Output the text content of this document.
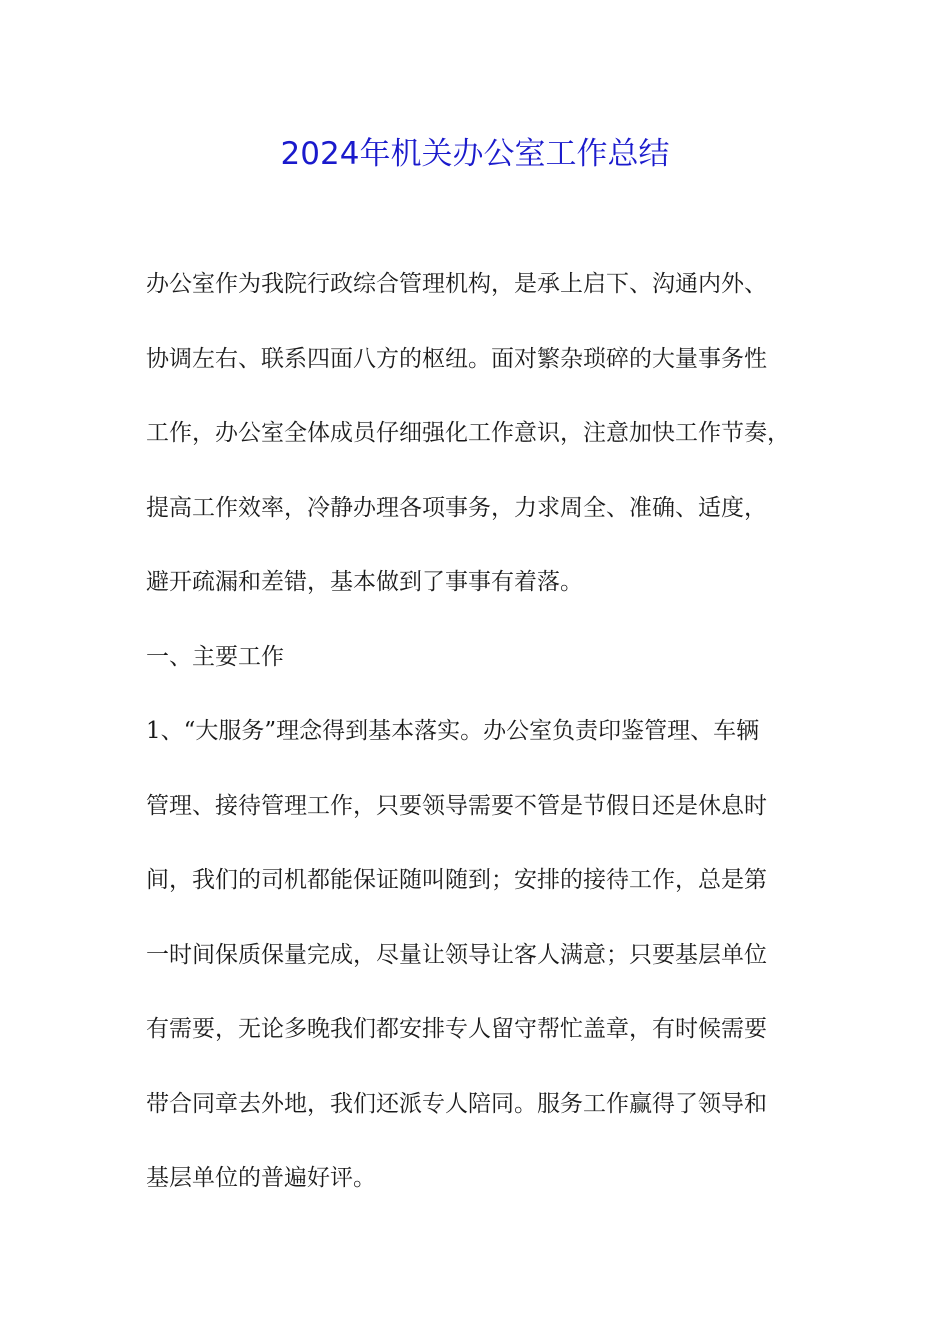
2024年机关办公室工作总结

办公室作为我院行政综合管理机构，是承上启下、沟通内外、

协调左右、联系四面八方的枢纽。面对繁杂琐碎的大量事务性

工作，办公室全体成员仔细强化工作意识，注意加快工作节奏，

提高工作效率，冷静办理各项事务，力求周全、准确、适度，

避开疏漏和差错，基本做到了事事有着落。

一、主要工作

1、“大服务”理念得到基本落实。办公室负责印鉴管理、车辆

管理、接待管理工作，只要领导需要不管是节假日还是休息时

间，我们的司机都能保证随叫随到；安排的接待工作，总是第

一时间保质保量完成，尽量让领导让客人满意；只要基层单位

有需要，无论多晚我们都安排专人留守帮忙盖章，有时候需要

带合同章去外地，我们还派专人陪同。服务工作赢得了领导和

基层单位的普遍好评。
